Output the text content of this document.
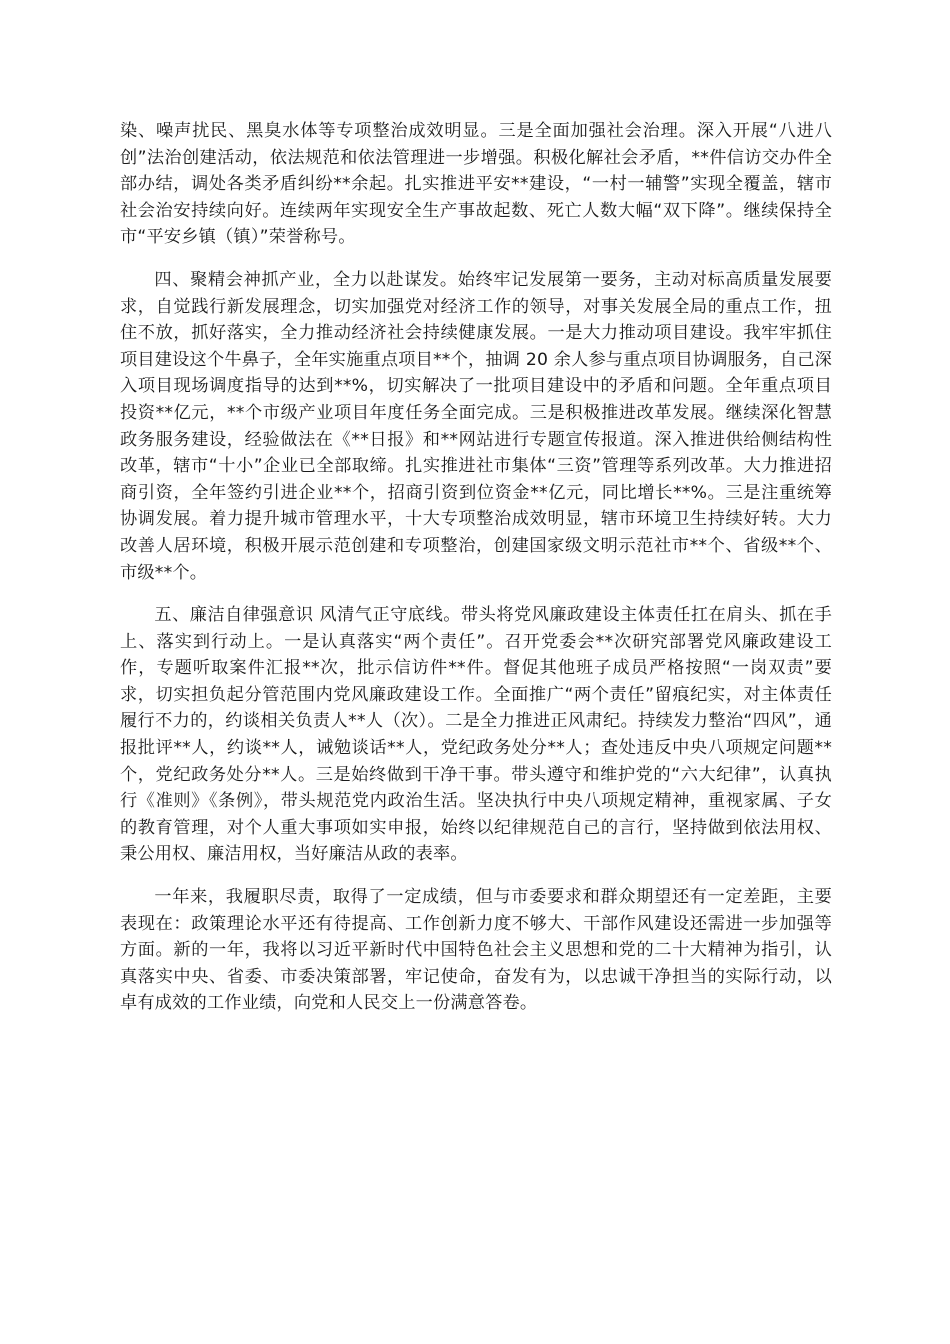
染、噪声扰民、黑臭水体等专项整治成效明显。三是全面加强社会治理。深入开展“八进八创”法治创建活动，依法规范和依法管理进一步增强。积极化解社会矛盾，**件信访交办件全部办结，调处各类矛盾纠纷**余起。扎实推进平安**建设，“一村一辅警”实现全覆盖，辖市社会治安持续向好。连续两年实现安全生产事故起数、死亡人数大幅“双下降”。继续保持全市“平安乡镇（镇）”荣誉称号。

四、聚精会神抓产业，全力以赴谋发。始终牢记发展第一要务，主动对标高质量发展要求，自觉践行新发展理念，切实加强党对经济工作的领导，对事关发展全局的重点工作，扭住不放，抓好落实，全力推动经济社会持续健康发展。一是大力推动项目建设。我牢牢抓住项目建设这个牛鼻子，全年实施重点项目**个，抽调 20 余人参与重点项目协调服务，自己深入项目现场调度指导的达到**%，切实解决了一批项目建设中的矛盾和问题。全年重点项目投资**亿元，**个市级产业项目年度任务全面完成。三是积极推进改革发展。继续深化智慧政务服务建设，经验做法在《**日报》和**网站进行专题宣传报道。深入推进供给侧结构性改革，辖市“十小”企业已全部取缔。扎实推进社市集体“三资”管理等系列改革。大力推进招商引资，全年签约引进企业**个，招商引资到位资金**亿元，同比增长**%。三是注重统筹协调发展。着力提升城市管理水平，十大专项整治成效明显，辖市环境卫生持续好转。大力改善人居环境，积极开展示范创建和专项整治，创建国家级文明示范社市**个、省级**个、市级**个。

五、廉洁自律强意识 风清气正守底线。带头将党风廉政建设主体责任扛在肩头、抓在手上、落实到行动上。一是认真落实“两个责任”。召开党委会**次研究部署党风廉政建设工作，专题听取案件汇报**次，批示信访件**件。督促其他班子成员严格按照“一岗双责”要求，切实担负起分管范围内党风廉政建设工作。全面推广“两个责任”留痕纪实，对主体责任履行不力的，约谈相关负责人**人（次）。二是全力推进正风肃纪。持续发力整治“四风”，通报批评**人，约谈**人，诫勉谈话**人，党纪政务处分**人；查处违反中央八项规定问题**个，党纪政务处分**人。三是始终做到干净干事。带头遵守和维护党的“六大纪律”，认真执行《准则》《条例》，带头规范党内政治生活。坚决执行中央八项规定精神，重视家属、子女的教育管理，对个人重大事项如实申报，始终以纪律规范自己的言行，坚持做到依法用权、秉公用权、廉洁用权，当好廉洁从政的表率。

一年来，我履职尽责，取得了一定成绩，但与市委要求和群众期望还有一定差距，主要表现在：政策理论水平还有待提高、工作创新力度不够大、干部作风建设还需进一步加强等方面。新的一年，我将以习近平新时代中国特色社会主义思想和党的二十大精神为指引，认真落实中央、省委、市委决策部署，牢记使命，奋发有为，以忠诚干净担当的实际行动，以卓有成效的工作业绩，向党和人民交上一份满意答卷。
